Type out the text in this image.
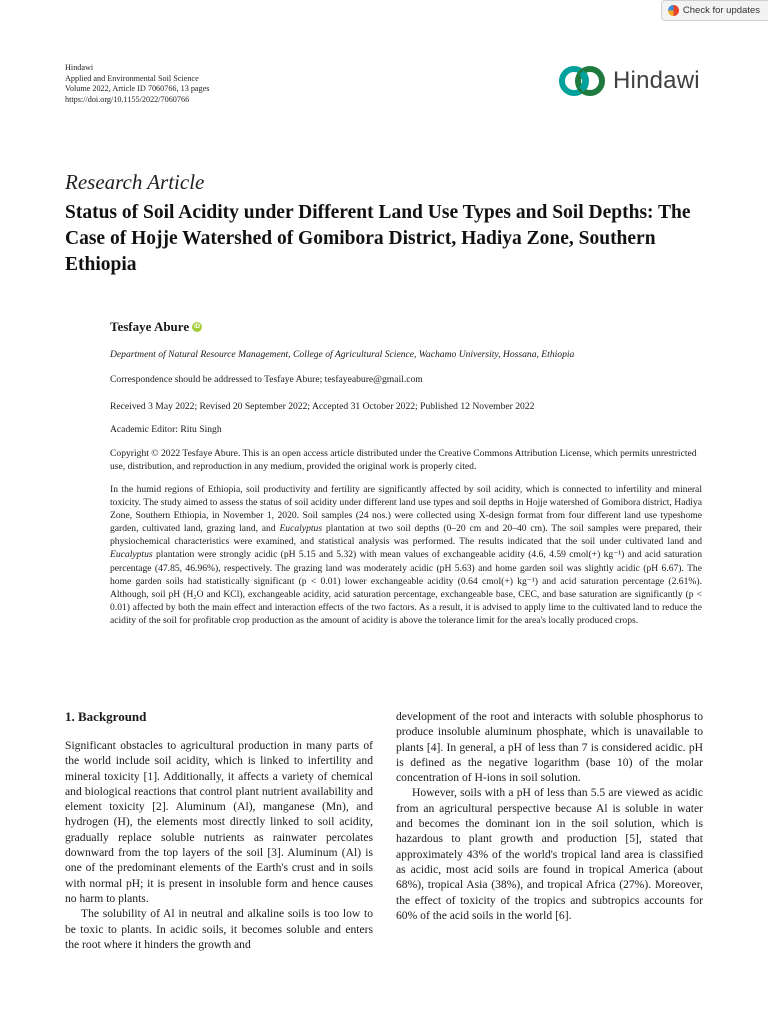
Check for updates
Hindawi
Applied and Environmental Soil Science
Volume 2022, Article ID 7060766, 13 pages
https://doi.org/10.1155/2022/7060766
Hindawi
Research Article
Status of Soil Acidity under Different Land Use Types and Soil Depths: The Case of Hojje Watershed of Gomibora District, Hadiya Zone, Southern Ethiopia
Tesfaye Abure iD
Department of Natural Resource Management, College of Agricultural Science, Wachamo University, Hossana, Ethiopia
Correspondence should be addressed to Tesfaye Abure; tesfayeabure@gmail.com
Received 3 May 2022; Revised 20 September 2022; Accepted 31 October 2022; Published 12 November 2022
Academic Editor: Ritu Singh
Copyright © 2022 Tesfaye Abure. This is an open access article distributed under the Creative Commons Attribution License, which permits unrestricted use, distribution, and reproduction in any medium, provided the original work is properly cited.
In the humid regions of Ethiopia, soil productivity and fertility are significantly affected by soil acidity, which is connected to infertility and mineral toxicity. The study aimed to assess the status of soil acidity under different land use types and soil depths in Hojje watershed of Gomibora district, Hadiya Zone, Southern Ethiopia, in November 1, 2020. Soil samples (24 nos.) were collected using X-design format from four different land use typeshome garden, cultivated land, grazing land, and Eucalyptus plantation at two soil depths (0–20 cm and 20–40 cm). The soil samples were prepared, their physiochemical characteristics were examined, and statistical analysis was performed. The results indicated that the soil under cultivated land and Eucalyptus plantation were strongly acidic (pH 5.15 and 5.32) with mean values of exchangeable acidity (4.6, 4.59 cmol(+) kg⁻¹) and acid saturation percentage (47.85, 46.96%), respectively. The grazing land was moderately acidic (pH 5.63) and home garden soil was slightly acidic (pH 6.67). The home garden soils had statistically significant (p < 0.01) lower exchangeable acidity (0.64 cmol(+) kg⁻¹) and acid saturation percentage (2.61%). Although, soil pH (H₂O and KCl), exchangeable acidity, acid saturation percentage, exchangeable base, CEC, and base saturation are significantly (p < 0.01) affected by both the main effect and interaction effects of the two factors. As a result, it is advised to apply lime to the cultivated land to reduce the acidity of the soil for profitable crop production as the amount of acidity is above the tolerance limit for the area's locally produced crops.
1. Background

Significant obstacles to agricultural production in many parts of the world include soil acidity, which is linked to infertility and mineral toxicity [1]. Additionally, it affects a variety of chemical and biological reactions that control plant nutrient availability and element toxicity [2]. Aluminum (Al), manganese (Mn), and hydrogen (H), the elements most directly linked to soil acidity, gradually replace soluble nutrients as rainwater percolates downward from the top layers of the soil [3]. Aluminum (Al) is one of the predominant elements of the Earth's crust and in soils with normal pH; it is present in insoluble form and hence causes no harm to plants.

The solubility of Al in neutral and alkaline soils is too low to be toxic to plants. In acidic soils, it becomes soluble and enters the root where it hinders the growth and

development of the root and interacts with soluble phosphorus to produce insoluble aluminum phosphate, which is unavailable to plants [4]. In general, a pH of less than 7 is considered acidic. pH is defined as the negative logarithm (base 10) of the molar concentration of H-ions in soil solution.

However, soils with a pH of less than 5.5 are viewed as acidic from an agricultural perspective because Al is soluble in water and becomes the dominant ion in the soil solution, which is hazardous to plant growth and production [5], stated that approximately 43% of the world's tropical land area is classified as acidic, most acid soils are found in tropical America (about 68%), tropical Asia (38%), and tropical Africa (27%). Moreover, the effect of toxicity of the tropics and subtropics accounts for 60% of the acid soils in the world [6].
